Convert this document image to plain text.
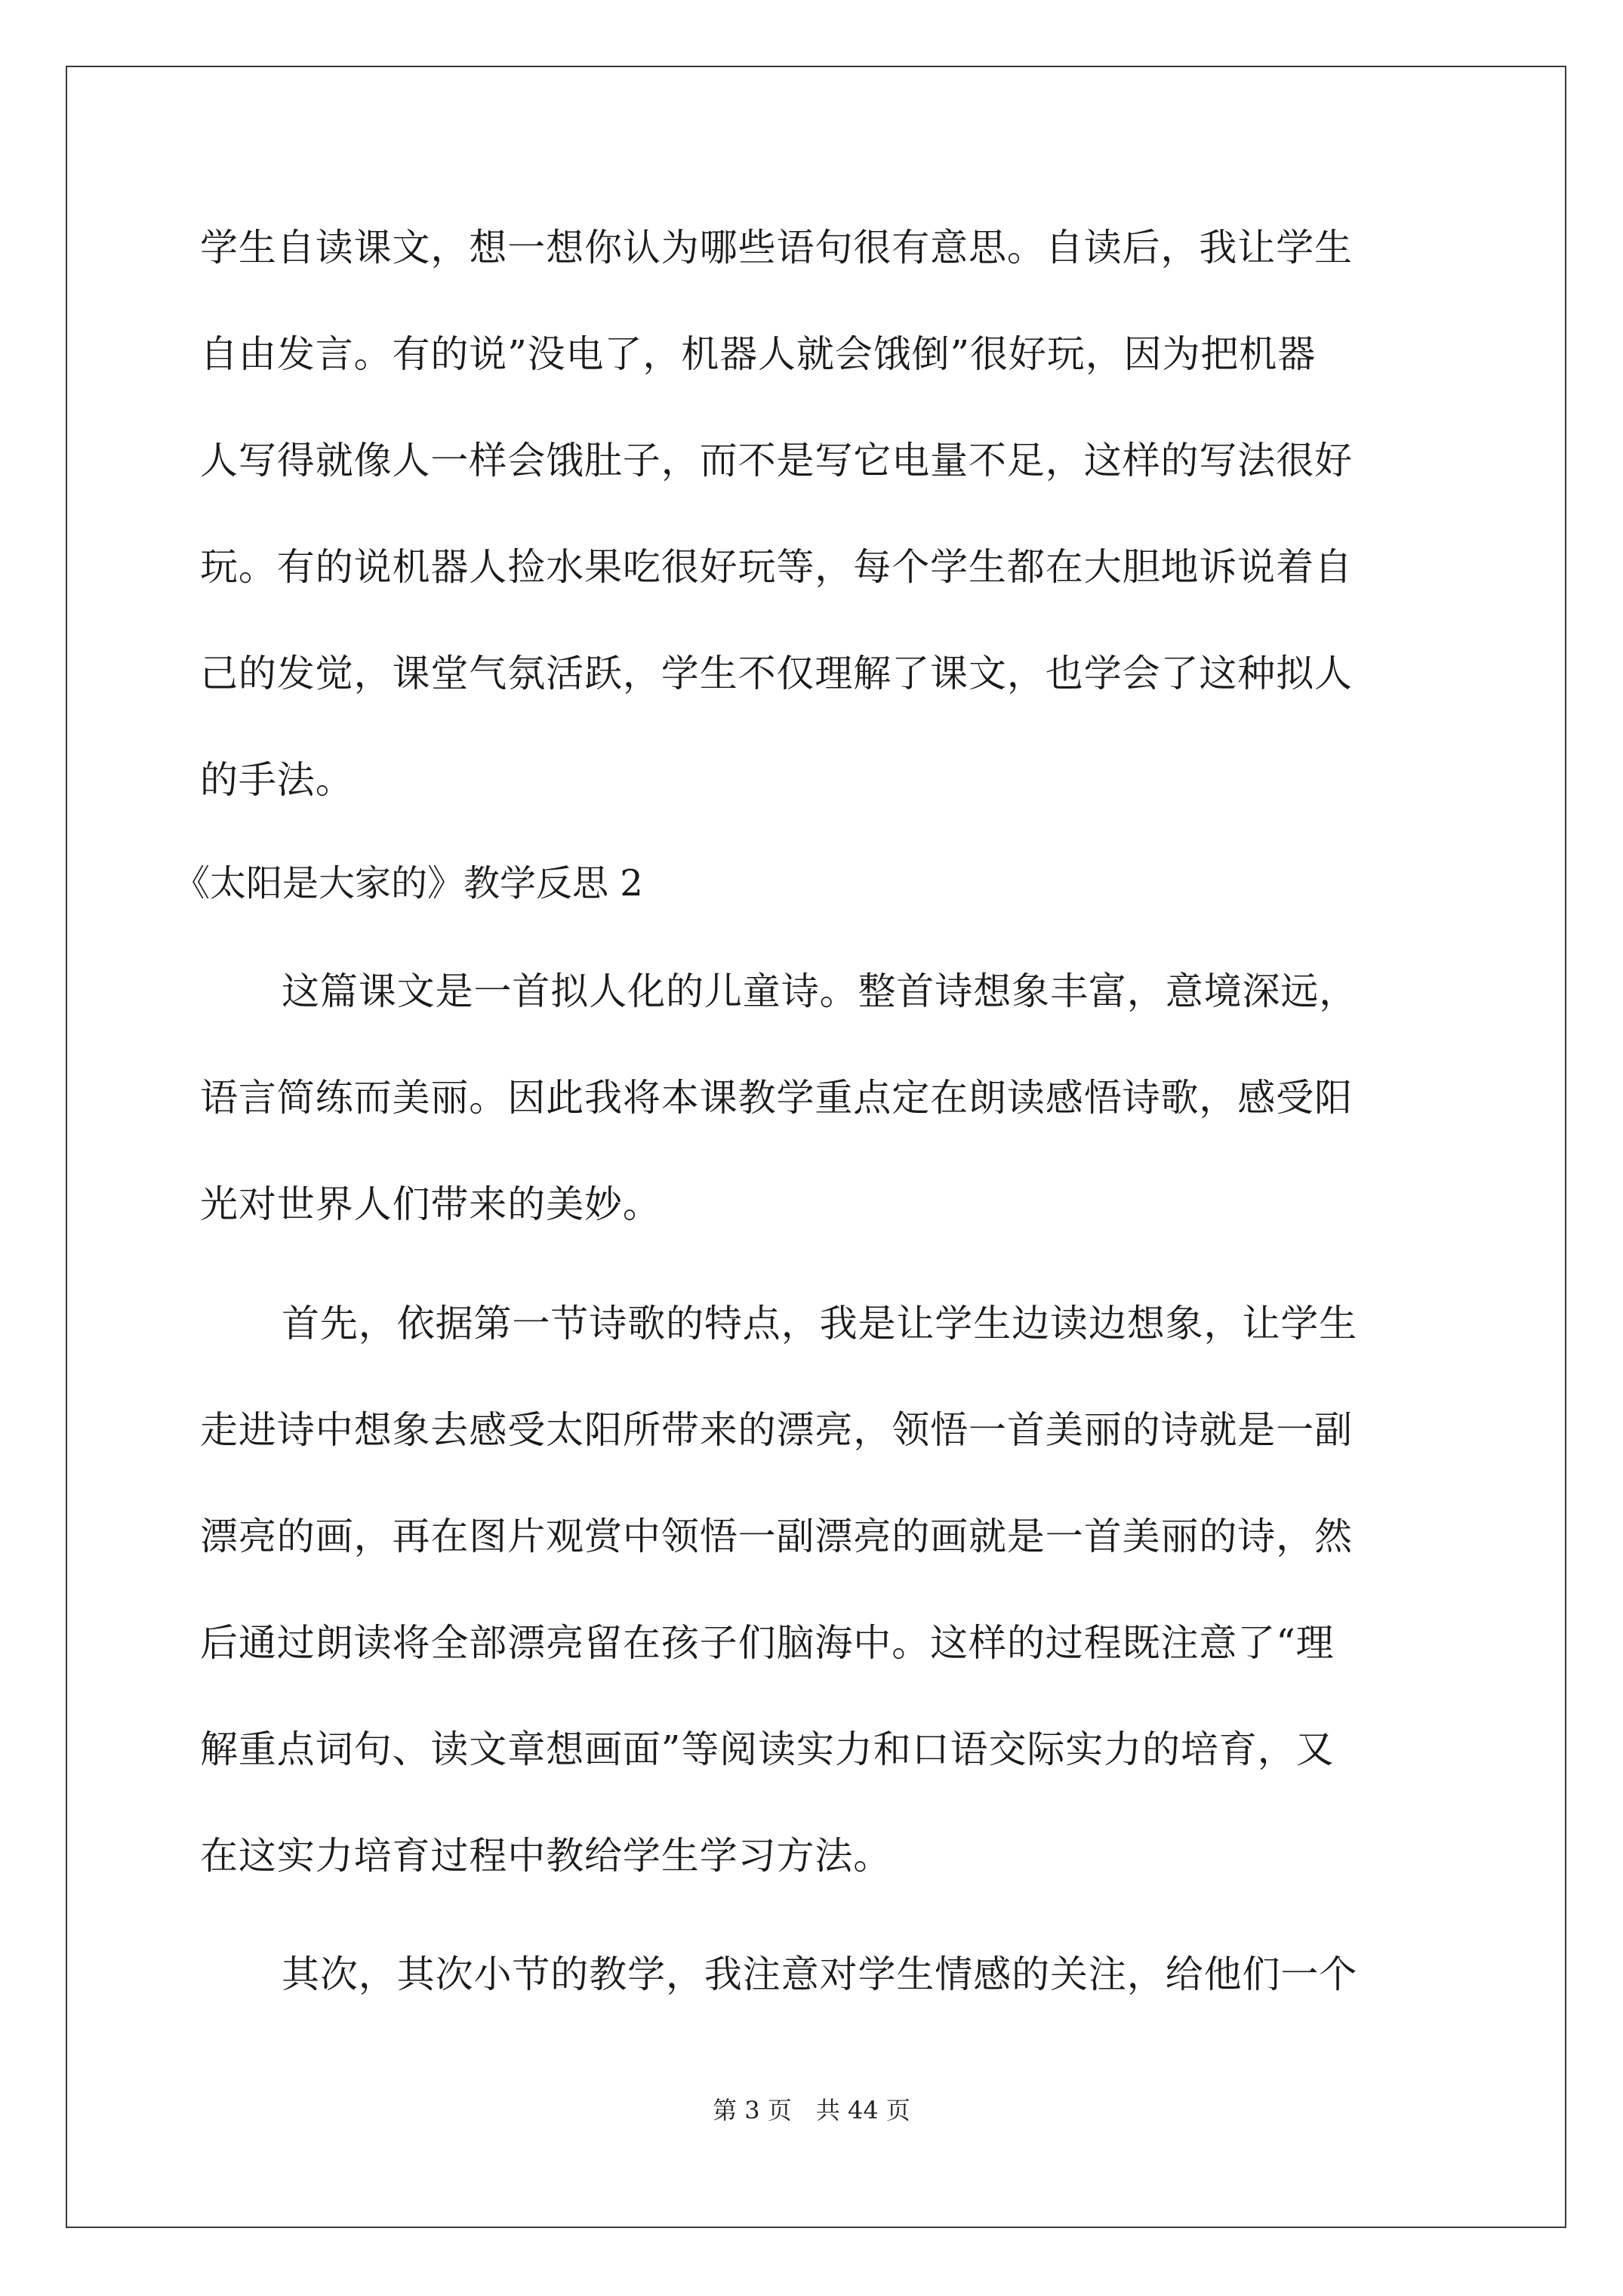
学生自读课文，想一想你认为哪些语句很有意思。自读后，我让学生
自由发言。有的说”没电了，机器人就会饿倒”很好玩，因为把机器
人写得就像人一样会饿肚子，而不是写它电量不足，这样的写法很好
玩。有的说机器人捡水果吃很好玩等，每个学生都在大胆地诉说着自
己的发觉，课堂气氛活跃，学生不仅理解了课文，也学会了这种拟人
的手法。
《太阳是大家的》教学反思 2
这篇课文是一首拟人化的儿童诗。整首诗想象丰富，意境深远，
语言简练而美丽。因此我将本课教学重点定在朗读感悟诗歌，感受阳
光对世界人们带来的美妙。
首先，依据第一节诗歌的特点，我是让学生边读边想象，让学生
走进诗中想象去感受太阳所带来的漂亮，领悟一首美丽的诗就是一副
漂亮的画，再在图片观赏中领悟一副漂亮的画就是一首美丽的诗，然
后通过朗读将全部漂亮留在孩子们脑海中。这样的过程既注意了“理
解重点词句、读文章想画面”等阅读实力和口语交际实力的培育，又
在这实力培育过程中教给学生学习方法。
其次，其次小节的教学，我注意对学生情感的关注，给他们一个
第 3 页　共 44 页
